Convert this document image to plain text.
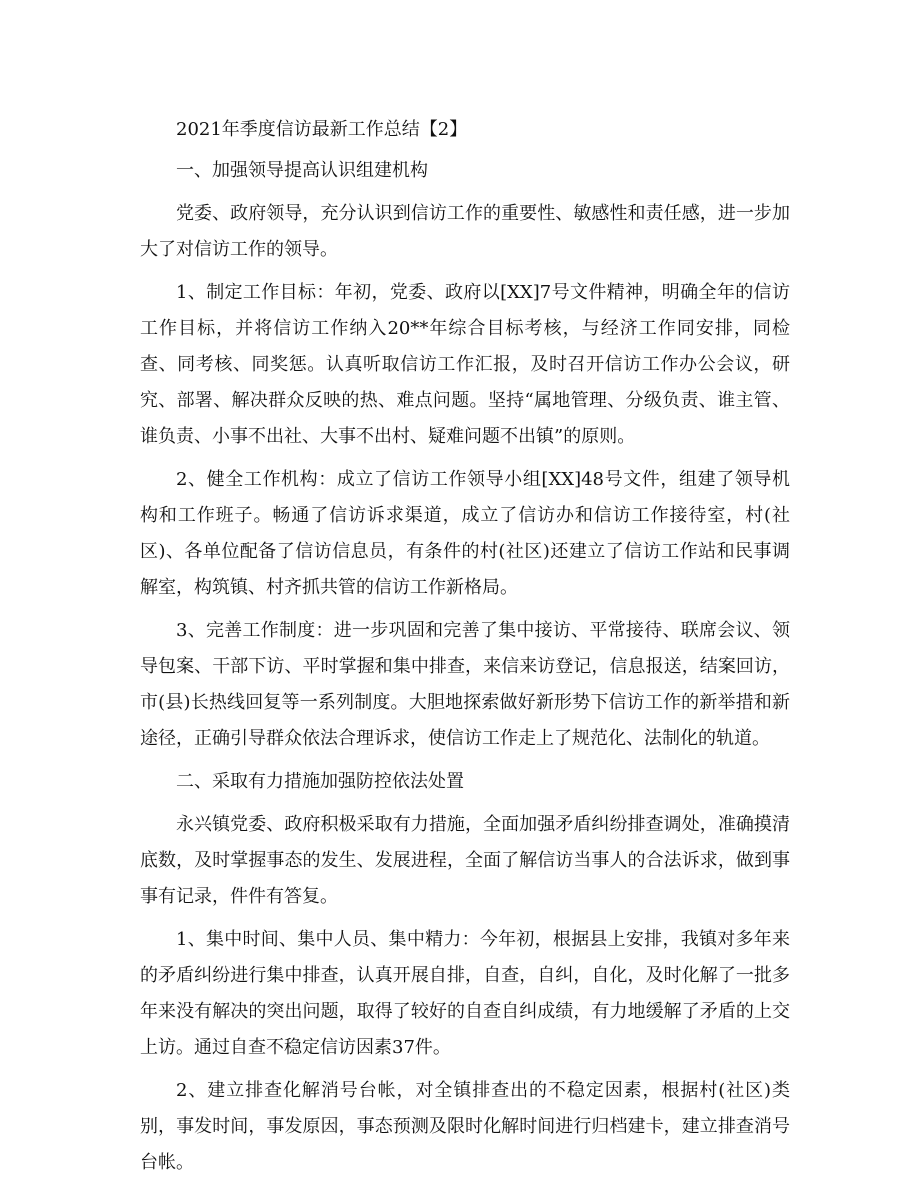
2021年季度信访最新工作总结【2】

一、加强领导提高认识组建机构

党委、政府领导，充分认识到信访工作的重要性、敏感性和责任感，进一步加大了对信访工作的领导。

1、制定工作目标：年初，党委、政府以[XX]7号文件精神，明确全年的信访工作目标，并将信访工作纳入20**年综合目标考核，与经济工作同安排，同检查、同考核、同奖惩。认真听取信访工作汇报，及时召开信访工作办公会议，研究、部署、解决群众反映的热、难点问题。坚持“属地管理、分级负责、谁主管、谁负责、小事不出社、大事不出村、疑难问题不出镇”的原则。

2、健全工作机构：成立了信访工作领导小组[XX]48号文件，组建了领导机构和工作班子。畅通了信访诉求渠道，成立了信访办和信访工作接待室，村(社区)、各单位配备了信访信息员，有条件的村(社区)还建立了信访工作站和民事调解室，构筑镇、村齐抓共管的信访工作新格局。

3、完善工作制度：进一步巩固和完善了集中接访、平常接待、联席会议、领导包案、干部下访、平时掌握和集中排查，来信来访登记，信息报送，结案回访，市(县)长热线回复等一系列制度。大胆地探索做好新形势下信访工作的新举措和新途径，正确引导群众依法合理诉求，使信访工作走上了规范化、法制化的轨道。

二、采取有力措施加强防控依法处置

永兴镇党委、政府积极采取有力措施，全面加强矛盾纠纷排查调处，准确摸清底数，及时掌握事态的发生、发展进程，全面了解信访当事人的合法诉求，做到事事有记录，件件有答复。

1、集中时间、集中人员、集中精力：今年初，根据县上安排，我镇对多年来的矛盾纠纷进行集中排查，认真开展自排，自查，自纠，自化，及时化解了一批多年来没有解决的突出问题，取得了较好的自查自纠成绩，有力地缓解了矛盾的上交上访。通过自查不稳定信访因素37件。

2、建立排查化解消号台帐，对全镇排查出的不稳定因素，根据村(社区)类别，事发时间，事发原因，事态预测及限时化解时间进行归档建卡，建立排查消号台帐。
